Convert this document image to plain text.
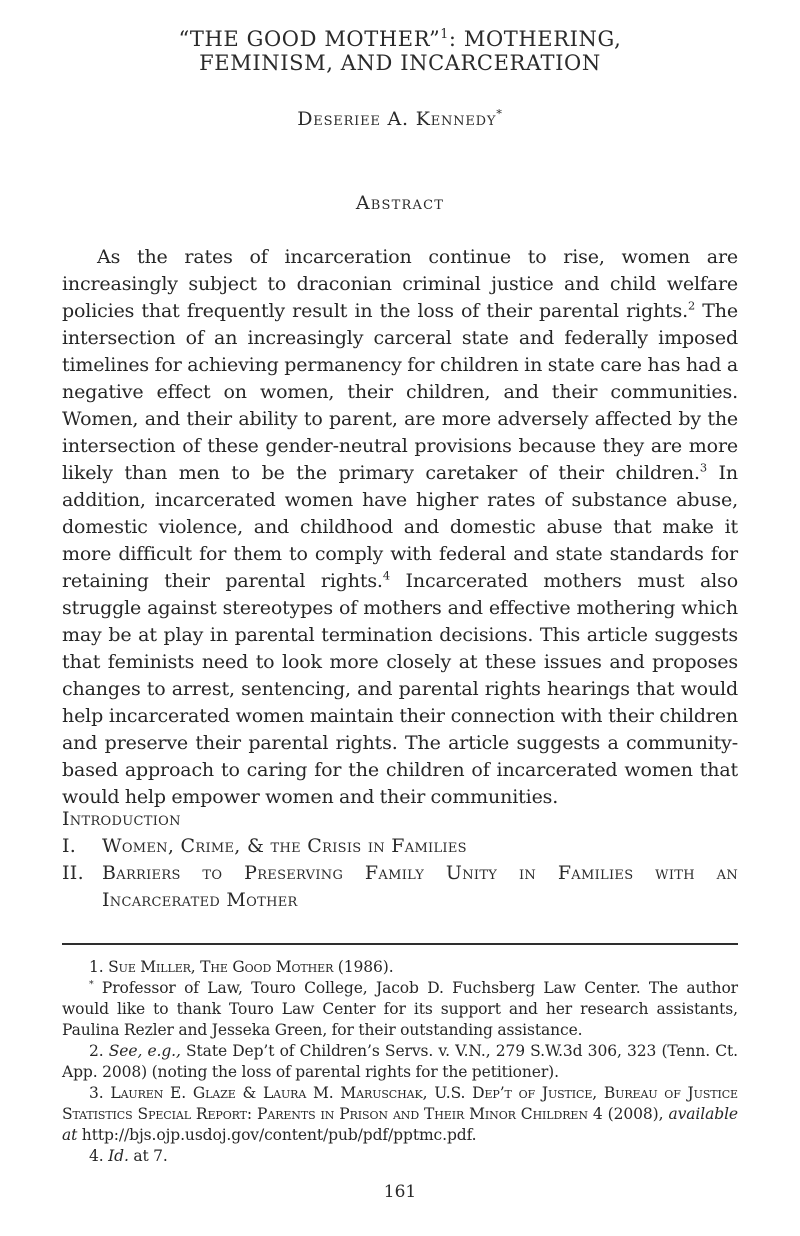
“THE GOOD MOTHER”$^1$: MOTHERING,
FEMINISM, AND INCARCERATION
Deseriee A. Kennedy*
Abstract

As the rates of incarceration continue to rise, women are increasingly subject to draconian criminal justice and child welfare policies that frequently result in the loss of their parental rights.$^2$ The intersection of an increasingly carceral state and federally imposed timelines for achieving permanency for children in state care has had a negative effect on women, their children, and their communities. Women, and their ability to parent, are more adversely affected by the intersection of these gender-neutral provisions because they are more likely than men to be the primary caretaker of their children.$^3$ In addition, incarcerated women have higher rates of substance abuse, domestic violence, and childhood and domestic abuse that make it more difficult for them to comply with federal and state standards for retaining their parental rights.$^4$ Incarcerated mothers must also struggle against stereotypes of mothers and effective mothering which may be at play in parental termination decisions. This article suggests that feminists need to look more closely at these issues and proposes changes to arrest, sentencing, and parental rights hearings that would help incarcerated women maintain their connection with their children and preserve their parental rights. The article suggests a community-based approach to caring for the children of incarcerated women that would help empower women and their communities.

Introduction
I.	Women, Crime, & the Crisis in Families
II. Barriers to Preserving Family Unity in Families with an Incarcerated Mother

1. Sue Miller, The Good Mother (1986).

* Professor of Law, Touro College, Jacob D. Fuchsberg Law Center. The author would like to thank Touro Law Center for its support and her research assistants, Paulina Rezler and Jesseka Green, for their outstanding assistance.

2. See, e.g., State Dep’t of Children’s Servs. v. V.N., 279 S.W.3d 306, 323 (Tenn. Ct. App. 2008) (noting the loss of parental rights for the petitioner).

3. Lauren E. Glaze & Laura M. Maruschak, U.S. Dep’t of Justice, Bureau of Justice Statistics Special Report: Parents in Prison and Their Minor Children 4 (2008), available at http://bjs.ojp.usdoj.gov/content/pub/pdf/pptmc.pdf.

4. Id. at 7.

161
